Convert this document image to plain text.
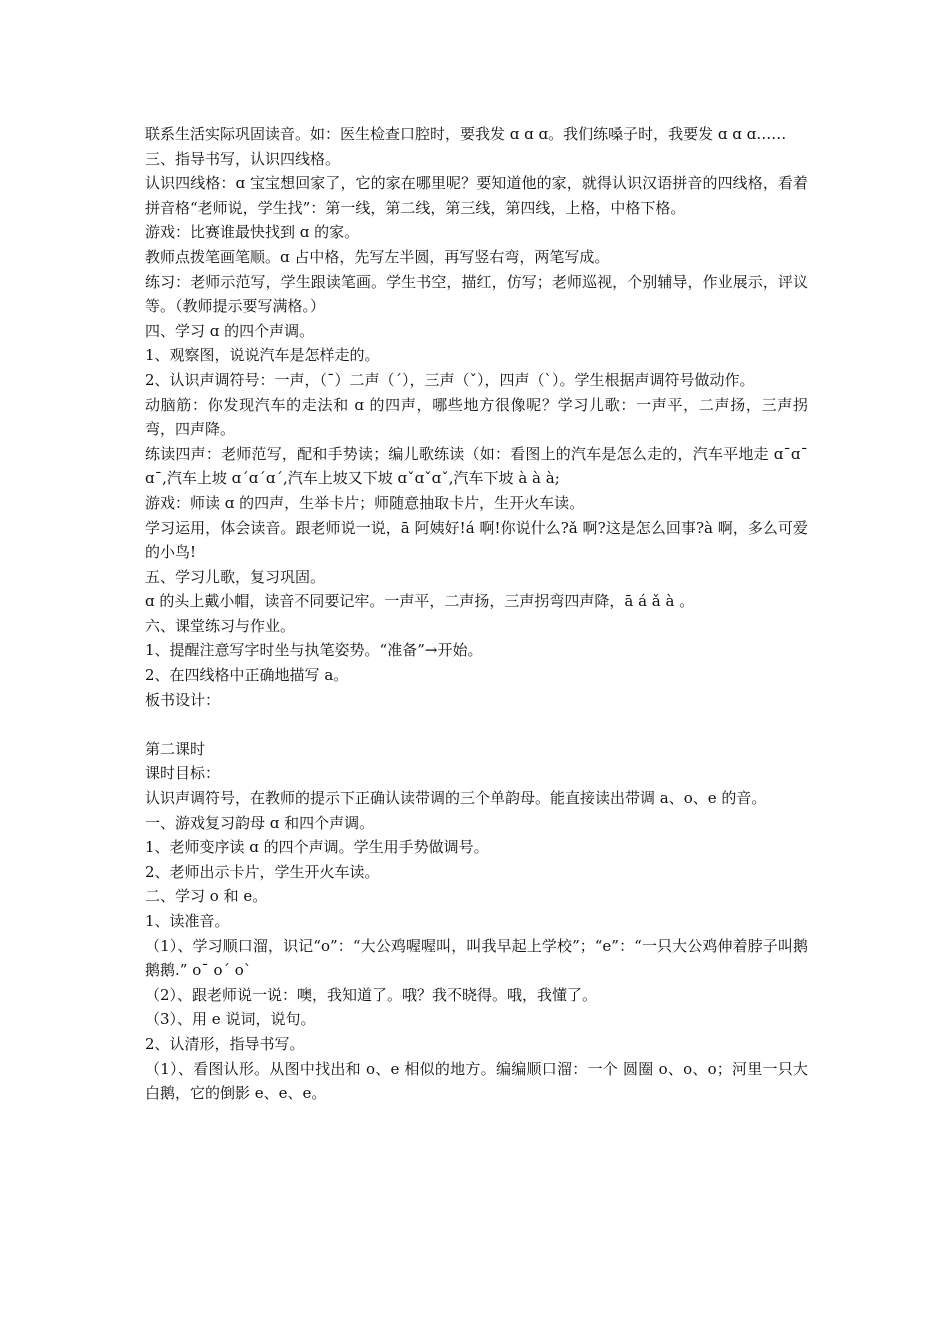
联系生活实际巩固读音。如：医生检查口腔时，要我发 ɑ ɑ ɑ。我们练嗓子时，我要发 ɑ ɑ ɑ……

三、指导书写，认识四线格。

认识四线格：ɑ 宝宝想回家了，它的家在哪里呢？要知道他的家，就得认识汉语拼音的四线格，看着拼音格“老师说，学生找”：第一线，第二线，第三线，第四线，上格，中格下格。

游戏：比赛谁最快找到 ɑ 的家。

教师点拨笔画笔顺。ɑ 占中格，先写左半圆，再写竖右弯，两笔写成。

练习：老师示范写，学生跟读笔画。学生书空，描红，仿写；老师巡视，个别辅导，作业展示，评议等。（教师提示要写满格。）

四、学习 ɑ 的四个声调。

1、观察图，说说汽车是怎样走的。

2、认识声调符号：一声，（ˉ）二声（ˊ），三声（ˇ），四声（ˋ）。学生根据声调符号做动作。

动脑筋：你发现汽车的走法和 ɑ 的四声，哪些地方很像呢？学习儿歌：一声平，二声扬，三声拐弯，四声降。

练读四声：老师范写，配和手势读；编儿歌练读（如：看图上的汽车是怎么走的，汽车平地走 ɑˉɑˉɑˉ,汽车上坡 ɑˊɑˊɑˊ,汽车上坡又下坡 ɑˇɑˇɑˇ,汽车下坡 à à à;

游戏：师读 ɑ 的四声，生举卡片；师随意抽取卡片，生开火车读。

学习运用，体会读音。跟老师说一说，ā 阿姨好!á 啊!你说什么?ǎ 啊?这是怎么回事?à 啊，多么可爱的小鸟!

五、学习儿歌，复习巩固。

ɑ 的头上戴小帽，读音不同要记牢。一声平，二声扬，三声拐弯四声降，ā á ǎ à 。

六、课堂练习与作业。

1、提醒注意写字时坐与执笔姿势。“准备”→开始。

2、在四线格中正确地描写 a。

板书设计：

第二课时

课时目标：

认识声调符号，在教师的提示下正确认读带调的三个单韵母。能直接读出带调 a、o、e 的音。

一、游戏复习韵母 ɑ 和四个声调。

1、老师变序读 ɑ 的四个声调。学生用手势做调号。

2、老师出示卡片，学生开火车读。

二、学习 o 和 e。

1、读准音。

（1）、学习顺口溜，识记“o”：“大公鸡喔喔叫，叫我早起上学校”；“e”：“一只大公鸡伸着脖子叫鹅鹅鹅.” oˉ oˊ oˋ

（2）、跟老师说一说：噢，我知道了。哦？我不晓得。哦，我懂了。

（3）、用 e 说词，说句。

2、认清形，指导书写。

（1）、看图认形。从图中找出和 o、e 相似的地方。编编顺口溜：一个 圆圈 o、o、o；河里一只大白鹅，它的倒影 e、e、e。
